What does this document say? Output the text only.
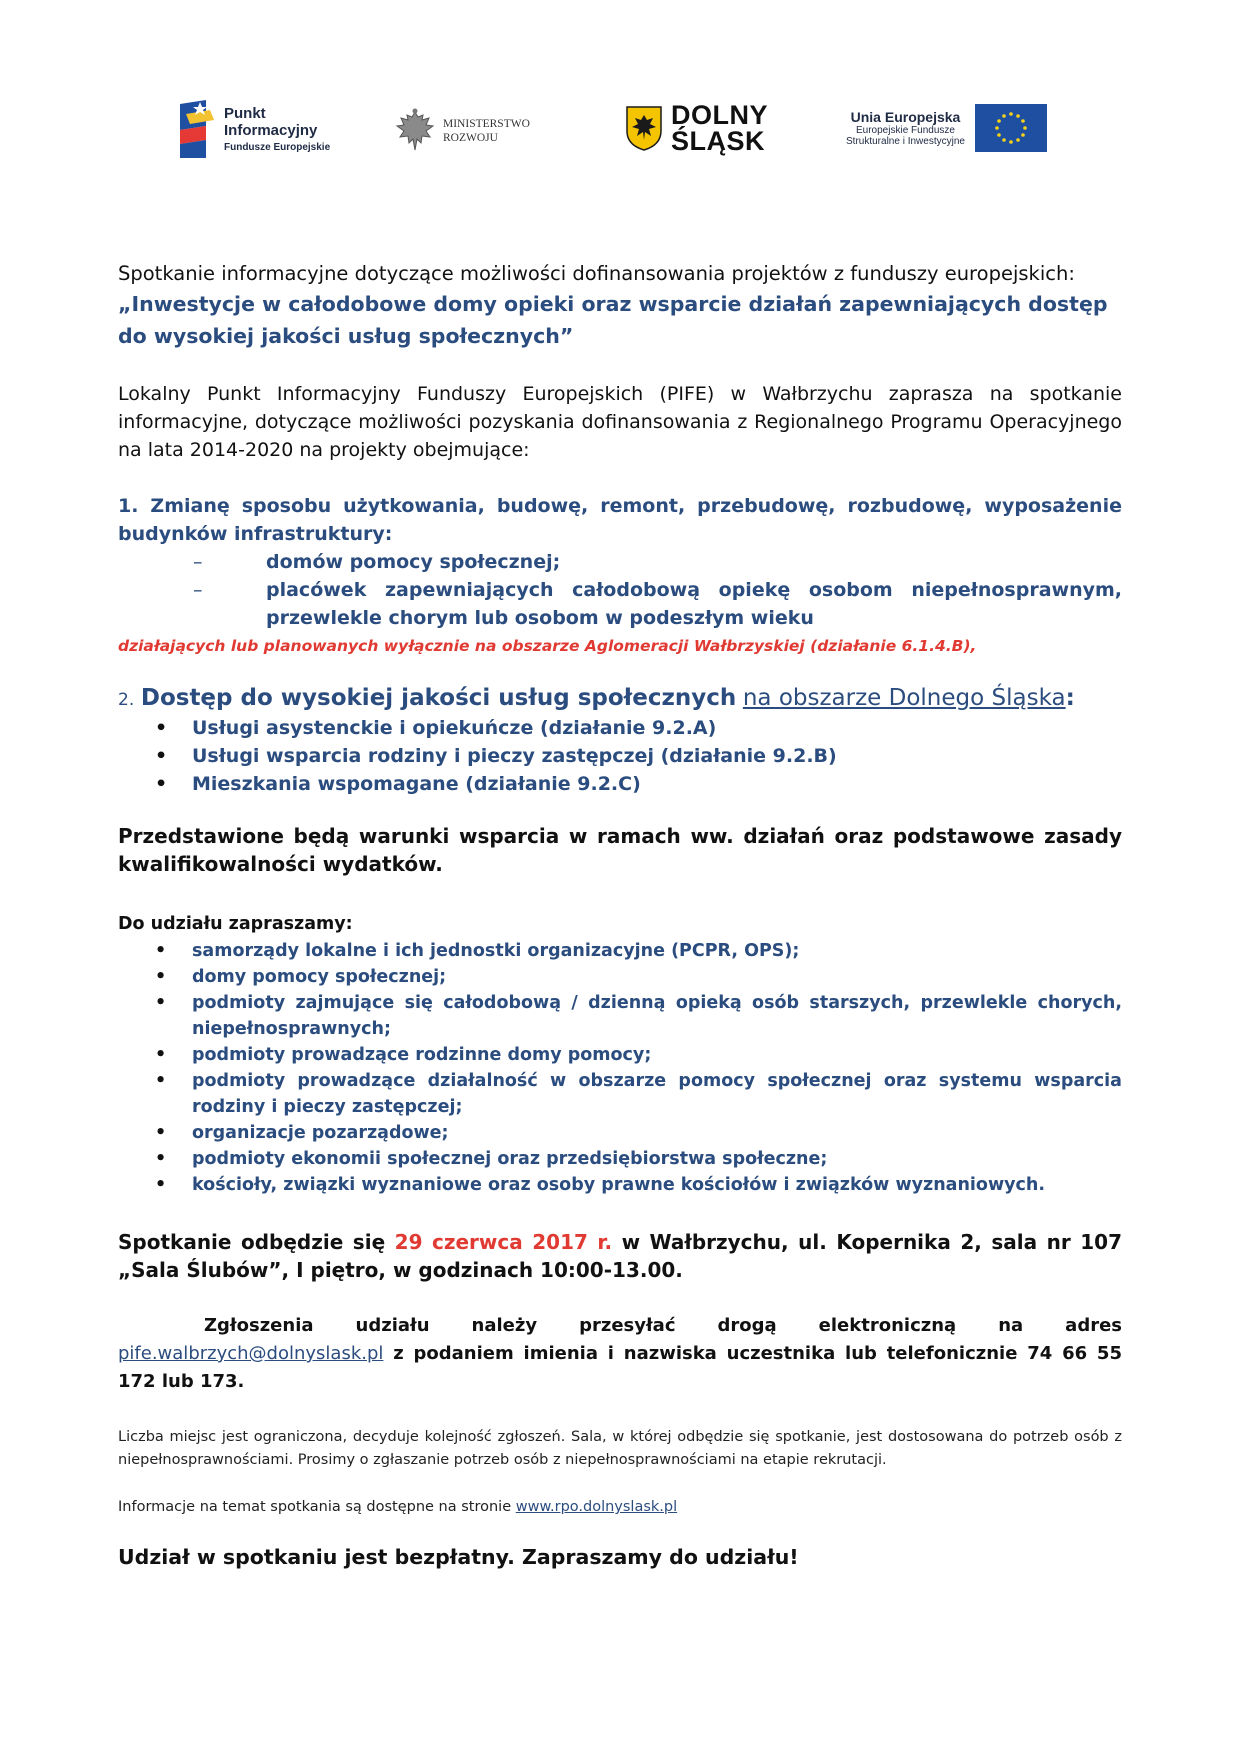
Punkt
Informacyjny
Fundusze Europejskie
MINISTERSTWO
ROZWOJU
DOLNY
ŚLĄSK
Unia Europejska
Europejskie Fundusze
Strukturalne i Inwestycyjne

Spotkanie informacyjne dotyczące możliwości dofinansowania projektów z funduszy europejskich:

„Inwestycje w całodobowe domy opieki oraz wsparcie działań zapewniających dostęp do wysokiej jakości usług społecznych”

Lokalny Punkt Informacyjny Funduszy Europejskich (PIFE) w Wałbrzychu zaprasza na spotkanie informacyjne, dotyczące możliwości pozyskania dofinansowania z Regionalnego Programu Operacyjnego na lata 2014-2020 na projekty obejmujące:

1. Zmianę sposobu użytkowania, budowę, remont, przebudowę, rozbudowę, wyposażenie budynków infrastruktury:

–	domów pomocy społecznej;
–	placówek zapewniających całodobową opiekę osobom niepełnosprawnym, przewlekle chorym lub osobom w podeszłym wieku

działających lub planowanych wyłącznie na obszarze Aglomeracji Wałbrzyskiej (działanie 6.1.4.B),

2. Dostęp do wysokiej jakości usług społecznych na obszarze Dolnego Śląska:

• Usługi asystenckie i opiekuńcze (działanie 9.2.A)
• Usługi wsparcia rodziny i pieczy zastępczej (działanie 9.2.B)
• Mieszkania wspomagane (działanie 9.2.C)

Przedstawione będą warunki wsparcia w ramach ww. działań oraz podstawowe zasady kwalifikowalności wydatków.

Do udziału zapraszamy:

• samorządy lokalne i ich jednostki organizacyjne (PCPR, OPS);
• domy pomocy społecznej;
• podmioty zajmujące się całodobową / dzienną opieką osób starszych, przewlekle chorych, niepełnosprawnych;
• podmioty prowadzące rodzinne domy pomocy;
• podmioty prowadzące działalność w obszarze pomocy społecznej oraz systemu wsparcia rodziny i pieczy zastępczej;
• organizacje pozarządowe;
• podmioty ekonomii społecznej oraz przedsiębiorstwa społeczne;
• kościoły, związki wyznaniowe oraz osoby prawne kościołów i związków wyznaniowych.

Spotkanie odbędzie się 29 czerwca 2017 r. w Wałbrzychu, ul. Kopernika 2, sala nr 107 „Sala Ślubów”, I piętro, w godzinach 10:00-13.00.

Zgłoszenia udziału należy przesyłać drogą elektroniczną na adres pife.walbrzych@dolnyslask.pl z podaniem imienia i nazwiska uczestnika lub telefonicznie 74 66 55 172 lub 173.

Liczba miejsc jest ograniczona, decyduje kolejność zgłoszeń. Sala, w której odbędzie się spotkanie, jest dostosowana do potrzeb osób z niepełnosprawnościami. Prosimy o zgłaszanie potrzeb osób z niepełnosprawnościami na etapie rekrutacji.

Informacje na temat spotkania są dostępne na stronie www.rpo.dolnyslask.pl

Udział w spotkaniu jest bezpłatny. Zapraszamy do udziału!
